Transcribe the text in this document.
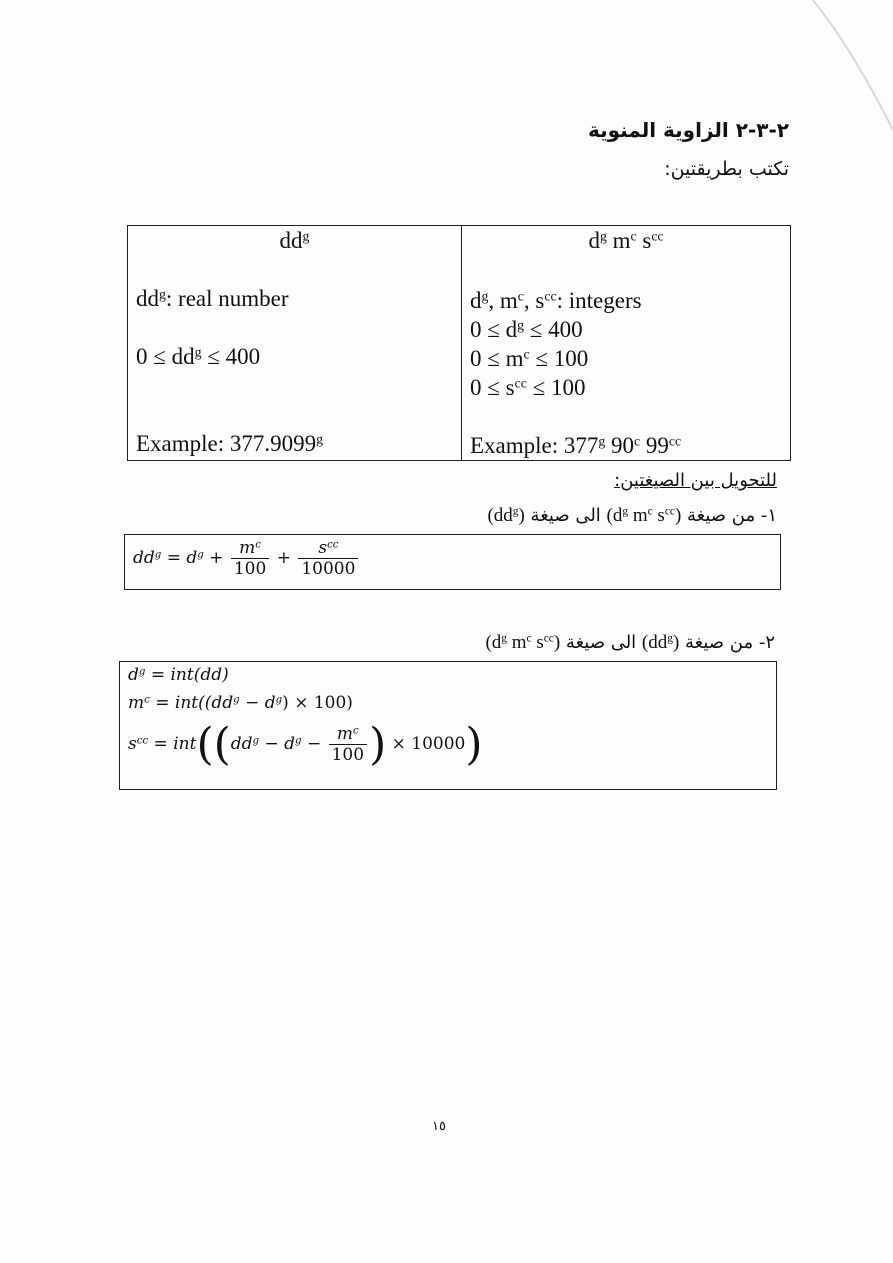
٢-٣-٢ الزاوية المنوية
تكتب بطريقتين:
$dd^g$
$dd^g$: real number
$0 \le dd^g \le 400$
Example: 377.9099$^g$

$d^g$ $m^c$ $s^{cc}$
$d^g$, $m^c$, $s^{cc}$: integers
$0 \le d^g \le 400$
$0 \le m^c \le 100$
$0 \le s^{cc} \le 100$
Example: 377$^g$ 90$^c$ $99^{cc}$
للتحويل بين الصيغتين:
١- من صيغة ($d^g$ $m^c$ $s^{cc}$) الى صيغة $(dd^g)$
$dd^g = d^g + \frac{m^c}{100} + \frac{s^{cc}}{10000}$
٢- من صيغة $(dd^g)$ الى صيغة ($d^g$ $m^c$ $s^{cc}$)
$d^g = int(dd)$
$m^c = int((dd^g - d^g) \times 100)$
$s^{cc} = int((dd^g - d^g - \frac{m^c}{100}$ ) × 10000)
١٥
